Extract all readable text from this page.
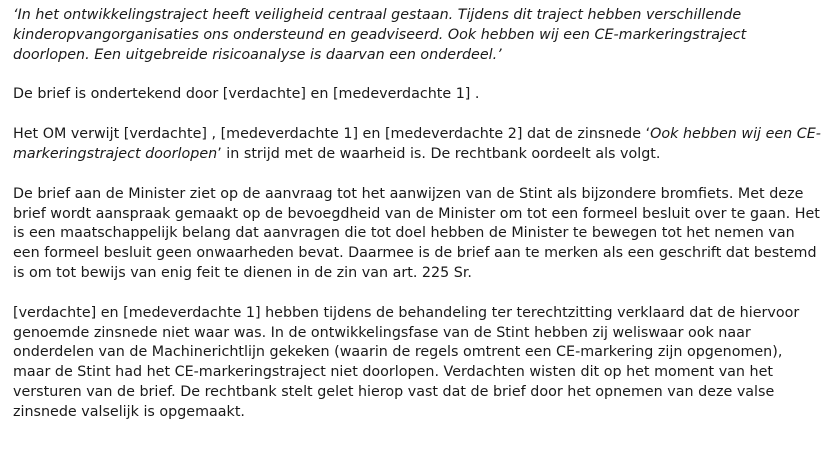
‘In het ontwikkelingstraject heeft veiligheid centraal gestaan. Tijdens dit traject hebben verschillende kinderopvangorganisaties ons ondersteund en geadviseerd. Ook hebben wij een CE-markeringstraject doorlopen. Een uitgebreide risicoanalyse is daarvan een onderdeel.’

De brief is ondertekend door [verdachte] en [medeverdachte 1] .

Het OM verwijt [verdachte] , [medeverdachte 1] en [medeverdachte 2] dat de zinsnede ‘Ook hebben wij een CE-markeringstraject doorlopen’ in strijd met de waarheid is. De rechtbank oordeelt als volgt.

De brief aan de Minister ziet op de aanvraag tot het aanwijzen van de Stint als bijzondere bromfiets. Met deze brief wordt aanspraak gemaakt op de bevoegdheid van de Minister om tot een formeel besluit over te gaan. Het is een maatschappelijk belang dat aanvragen die tot doel hebben de Minister te bewegen tot het nemen van een formeel besluit geen onwaarheden bevat. Daarmee is de brief aan te merken als een geschrift dat bestemd is om tot bewijs van enig feit te dienen in de zin van art. 225 Sr.

[verdachte] en [medeverdachte 1] hebben tijdens de behandeling ter terechtzitting verklaard dat de hiervoor genoemde zinsnede niet waar was. In de ontwikkelingsfase van de Stint hebben zij weliswaar ook naar onderdelen van de Machinerichtlijn gekeken (waarin de regels omtrent een CE-markering zijn opgenomen), maar de Stint had het CE-markeringstraject niet doorlopen. Verdachten wisten dit op het moment van het versturen van de brief. De rechtbank stelt gelet hierop vast dat de brief door het opnemen van deze valse zinsnede valselijk is opgemaakt.
